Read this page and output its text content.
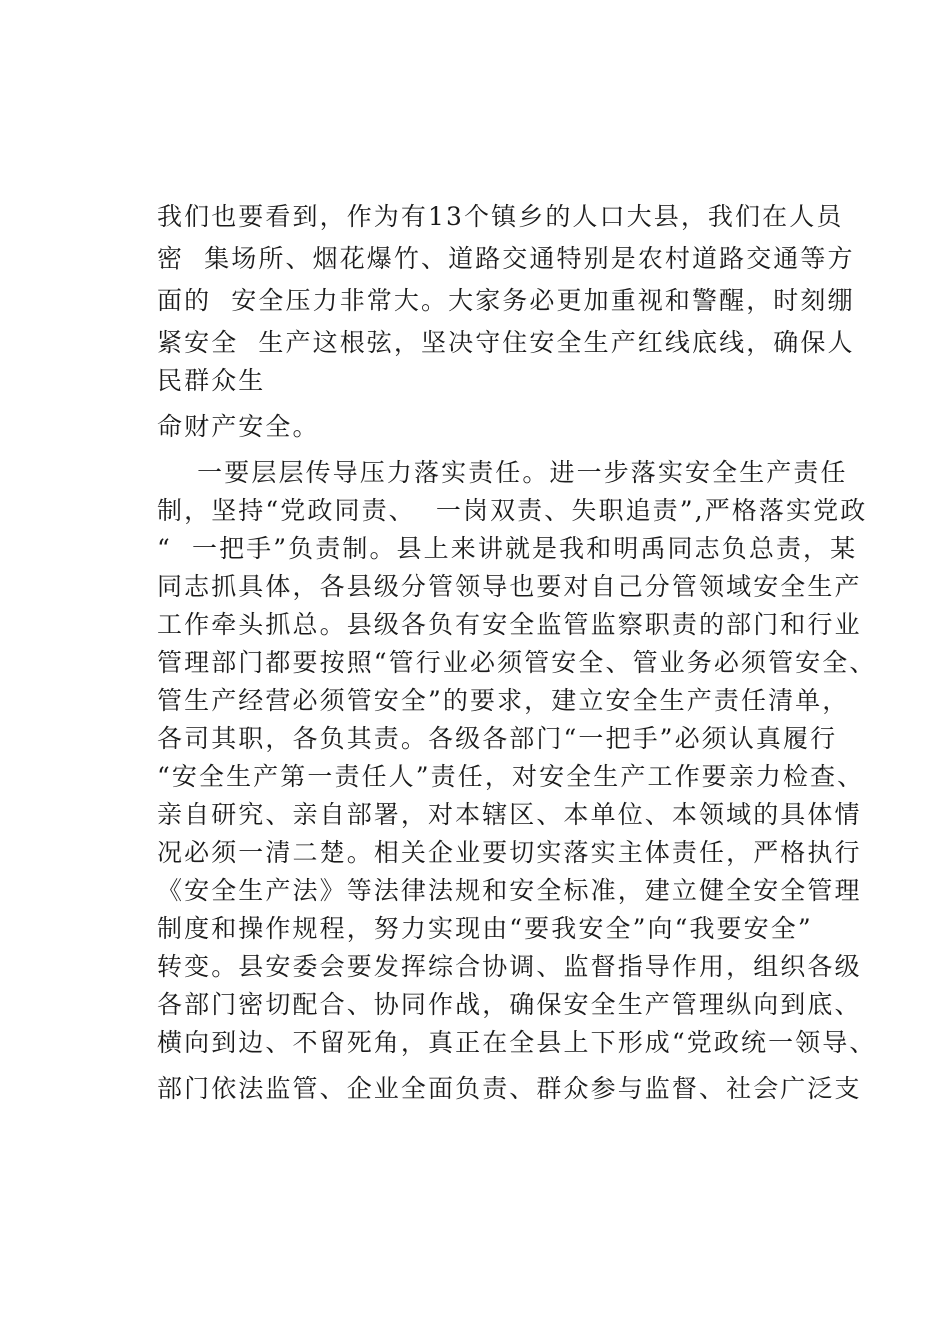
我们也要看到，作为有13个镇乡的人口大县，我们在人员

密  集场所、烟花爆竹、道路交通特别是农村道路交通等方

面的  安全压力非常大。大家务必更加重视和警醒，时刻绷

紧安全  生产这根弦，坚决守住安全生产红线底线，确保人

民群众生

命财产安全。

一要层层传导压力落实责任。进一步落实安全生产责任

制，坚持“党政同责、  一岗双责、失职追责”,严格落实党政

“  一把手”负责制。县上来讲就是我和明禹同志负总责，某

同志抓具体，各县级分管领导也要对自己分管领域安全生产

工作牵头抓总。县级各负有安全监管监察职责的部门和行业

管理部门都要按照“管行业必须管安全、管业务必须管安全、

管生产经营必须管安全”的要求，建立安全生产责任清单，

各司其职，各负其责。各级各部门“一把手”必须认真履行

“安全生产第一责任人”责任，对安全生产工作要亲力检查、

亲自研究、亲自部署，对本辖区、本单位、本领域的具体情

况必须一清二楚。相关企业要切实落实主体责任，严格执行

《安全生产法》等法律法规和安全标准，建立健全安全管理

制度和操作规程，努力实现由“要我安全”向“我要安全”

转变。县安委会要发挥综合协调、监督指导作用，组织各级

各部门密切配合、协同作战，确保安全生产管理纵向到底、

横向到边、不留死角，真正在全县上下形成“党政统一领导、

部门依法监管、企业全面负责、群众参与监督、社会广泛支
